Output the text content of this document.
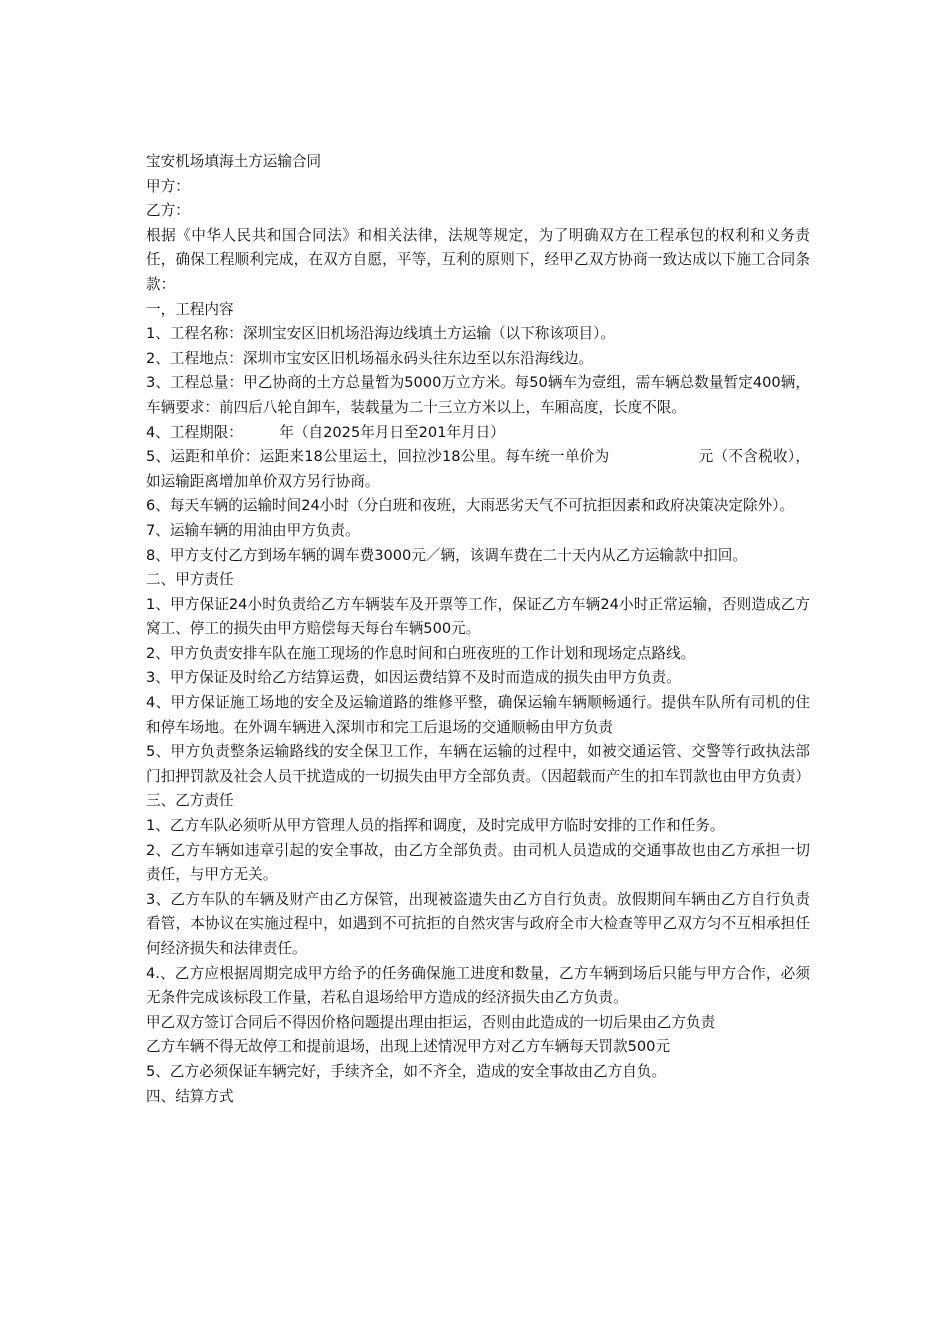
宝安机场填海土方运输合同
甲方：
乙方：
根据《中华人民共和国合同法》和相关法律，法规等规定，为了明确双方在工程承包的权利和义务责任，确保工程顺利完成，在双方自愿，平等，互利的原则下，经甲乙双方协商一致达成以下施工合同条款：
一，工程内容
1、工程名称：深圳宝安区旧机场沿海边线填土方运输（以下称该项目）。
2、工程地点：深圳市宝安区旧机场福永码头往东边至以东沿海线边。
3、工程总量：甲乙协商的土方总量暂为5000万立方米。每50辆车为壹组，需车辆总数量暂定400辆，车辆要求：前四后八轮自卸车，装载量为二十三立方米以上，车厢高度，长度不限。
4、工程期限：　　　年（自2025年月日至201年月日）
5、运距和单价：运距来18公里运土，回拉沙18公里。每车统一单价为　　　　　　元（不含税收），如运输距离增加单价双方另行协商。
6、每天车辆的运输时间24小时（分白班和夜班，大雨恶劣天气不可抗拒因素和政府决策决定除外）。
7、运输车辆的用油由甲方负责。
8、甲方支付乙方到场车辆的调车费3000元／辆，该调车费在二十天内从乙方运输款中扣回。
二、甲方责任
1、甲方保证24小时负责给乙方车辆装车及开票等工作，保证乙方车辆24小时正常运输，否则造成乙方窝工、停工的损失由甲方赔偿每天每台车辆500元。
2、甲方负责安排车队在施工现场的作息时间和白班夜班的工作计划和现场定点路线。
3、甲方保证及时给乙方结算运费，如因运费结算不及时而造成的损失由甲方负责。
4、甲方保证施工场地的安全及运输道路的维修平整，确保运输车辆顺畅通行。提供车队所有司机的住和停车场地。在外调车辆进入深圳市和完工后退场的交通顺畅由甲方负责
5、甲方负责整条运输路线的安全保卫工作，车辆在运输的过程中，如被交通运管、交警等行政执法部门扣押罚款及社会人员干扰造成的一切损失由甲方全部负责。（因超载而产生的扣车罚款也由甲方负责）
三、乙方责任
1、乙方车队必须听从甲方管理人员的指挥和调度，及时完成甲方临时安排的工作和任务。
2、乙方车辆如违章引起的安全事故，由乙方全部负责。由司机人员造成的交通事故也由乙方承担一切责任，与甲方无关。
3、乙方车队的车辆及财产由乙方保管，出现被盗遗失由乙方自行负责。放假期间车辆由乙方自行负责看管，本协议在实施过程中，如遇到不可抗拒的自然灾害与政府全市大检查等甲乙双方匀不互相承担任何经济损失和法律责任。
4.、乙方应根据周期完成甲方给予的任务确保施工进度和数量，乙方车辆到场后只能与甲方合作，必须无条件完成该标段工作量，若私自退场给甲方造成的经济损失由乙方负责。
甲乙双方签订合同后不得因价格问题提出理由拒运，否则由此造成的一切后果由乙方负责
乙方车辆不得无故停工和提前退场，出现上述情况甲方对乙方车辆每天罚款500元
5、乙方必须保证车辆完好，手续齐全，如不齐全，造成的安全事故由乙方自负。
四、结算方式
